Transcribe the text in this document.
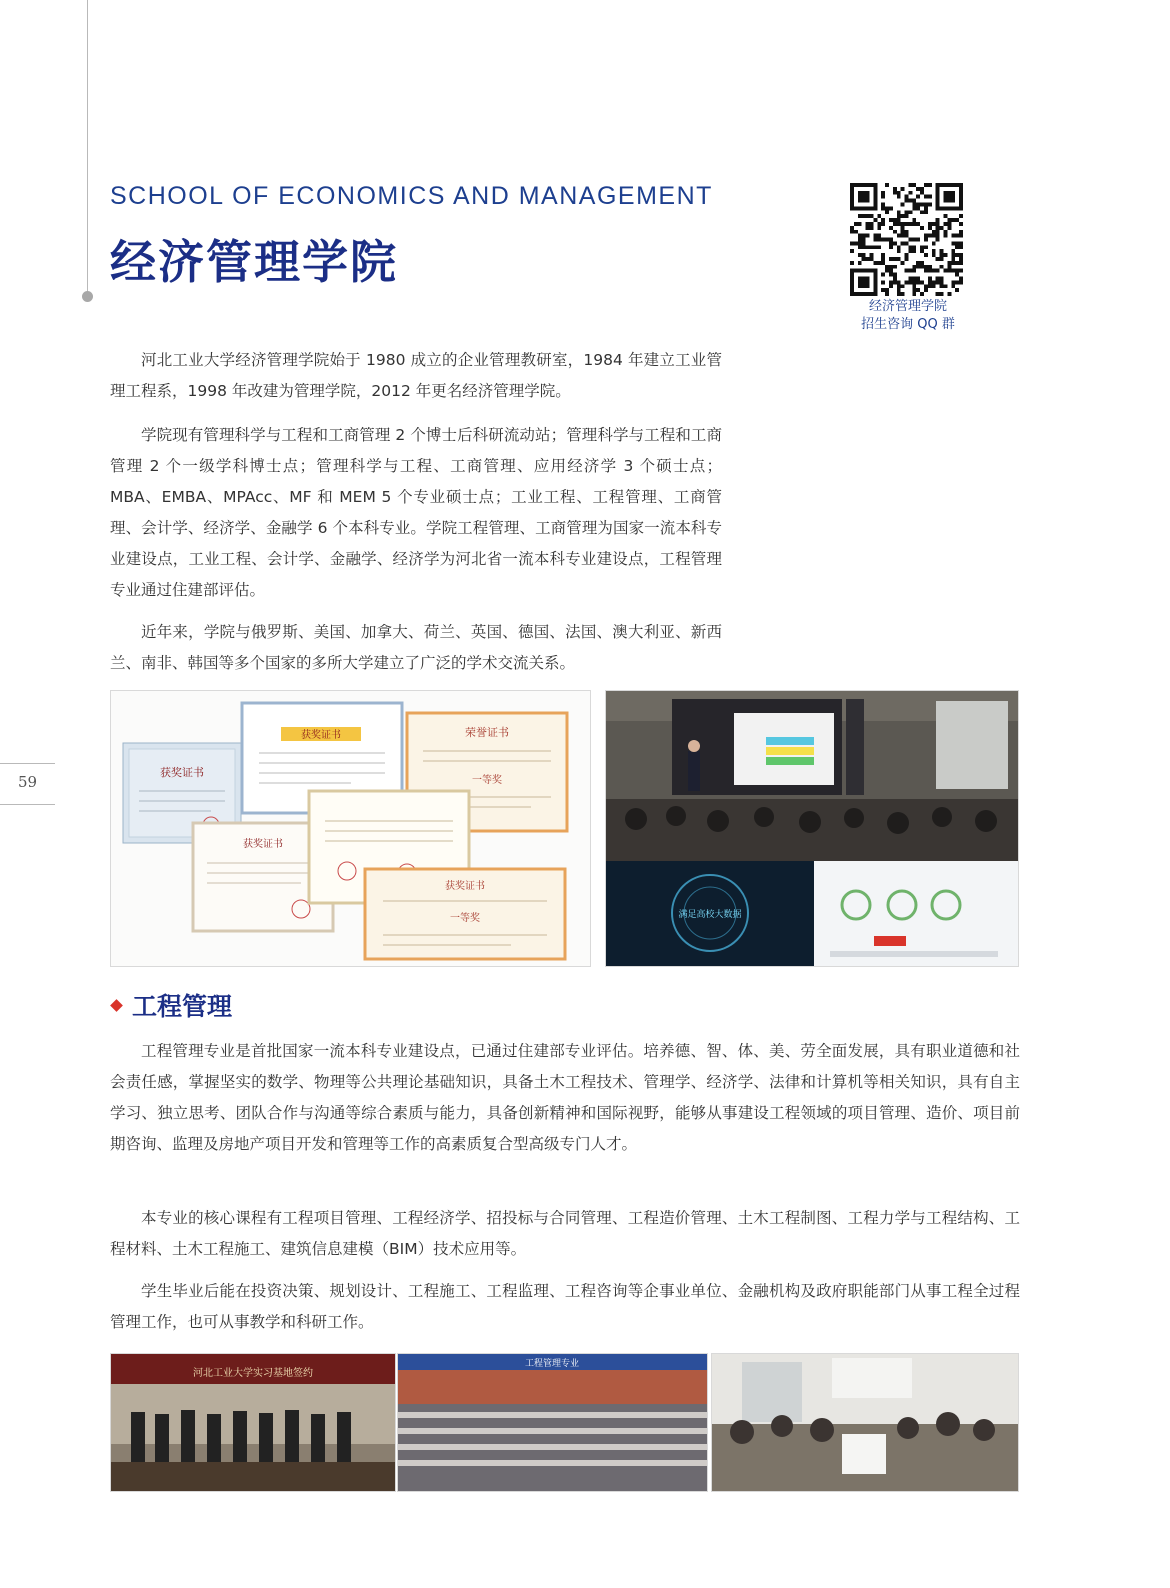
59
SCHOOL OF ECONOMICS AND MANAGEMENT
经济管理学院
经济管理学院
招生咨询 QQ 群

河北工业大学经济管理学院始于 1980 成立的企业管理教研室，1984 年建立工业管理工程系，1998 年改建为管理学院，2012 年更名经济管理学院。

学院现有管理科学与工程和工商管理 2 个博士后科研流动站；管理科学与工程和工商管理 2 个一级学科博士点；管理科学与工程、工商管理、应用经济学 3 个硕士点；MBA、EMBA、MPAcc、MF 和 MEM 5 个专业硕士点；工业工程、工程管理、工商管理、会计学、经济学、金融学 6 个本科专业。学院工程管理、工商管理为国家一流本科专业建设点，工业工程、会计学、金融学、经济学为河北省一流本科专业建设点，工程管理专业通过住建部评估。

近年来，学院与俄罗斯、美国、加拿大、荷兰、英国、德国、法国、澳大利亚、新西兰、南非、韩国等多个国家的多所大学建立了广泛的学术交流关系。

获奖证书
获奖证书	荣誉证书
一等奖
获奖证书
获奖证书
一等奖	满足高校大数据
工程管理

工程管理专业是首批国家一流本科专业建设点，已通过住建部专业评估。培养德、智、体、美、劳全面发展，具有职业道德和社会责任感，掌握坚实的数学、物理等公共理论基础知识，具备土木工程技术、管理学、经济学、法律和计算机等相关知识，具有自主学习、独立思考、团队合作与沟通等综合素质与能力，具备创新精神和国际视野，能够从事建设工程领域的项目管理、造价、项目前期咨询、监理及房地产项目开发和管理等工作的高素质复合型高级专门人才。

本专业的核心课程有工程项目管理、工程经济学、招投标与合同管理、工程造价管理、土木工程制图、工程力学与工程结构、工程材料、土木工程施工、建筑信息建模（BIM）技术应用等。

学生毕业后能在投资决策、规划设计、工程施工、工程监理、工程咨询等企事业单位、金融机构及政府职能部门从事工程全过程管理工作，也可从事教学和科研工作。

河北工业大学实习基地签约
工程管理专业
